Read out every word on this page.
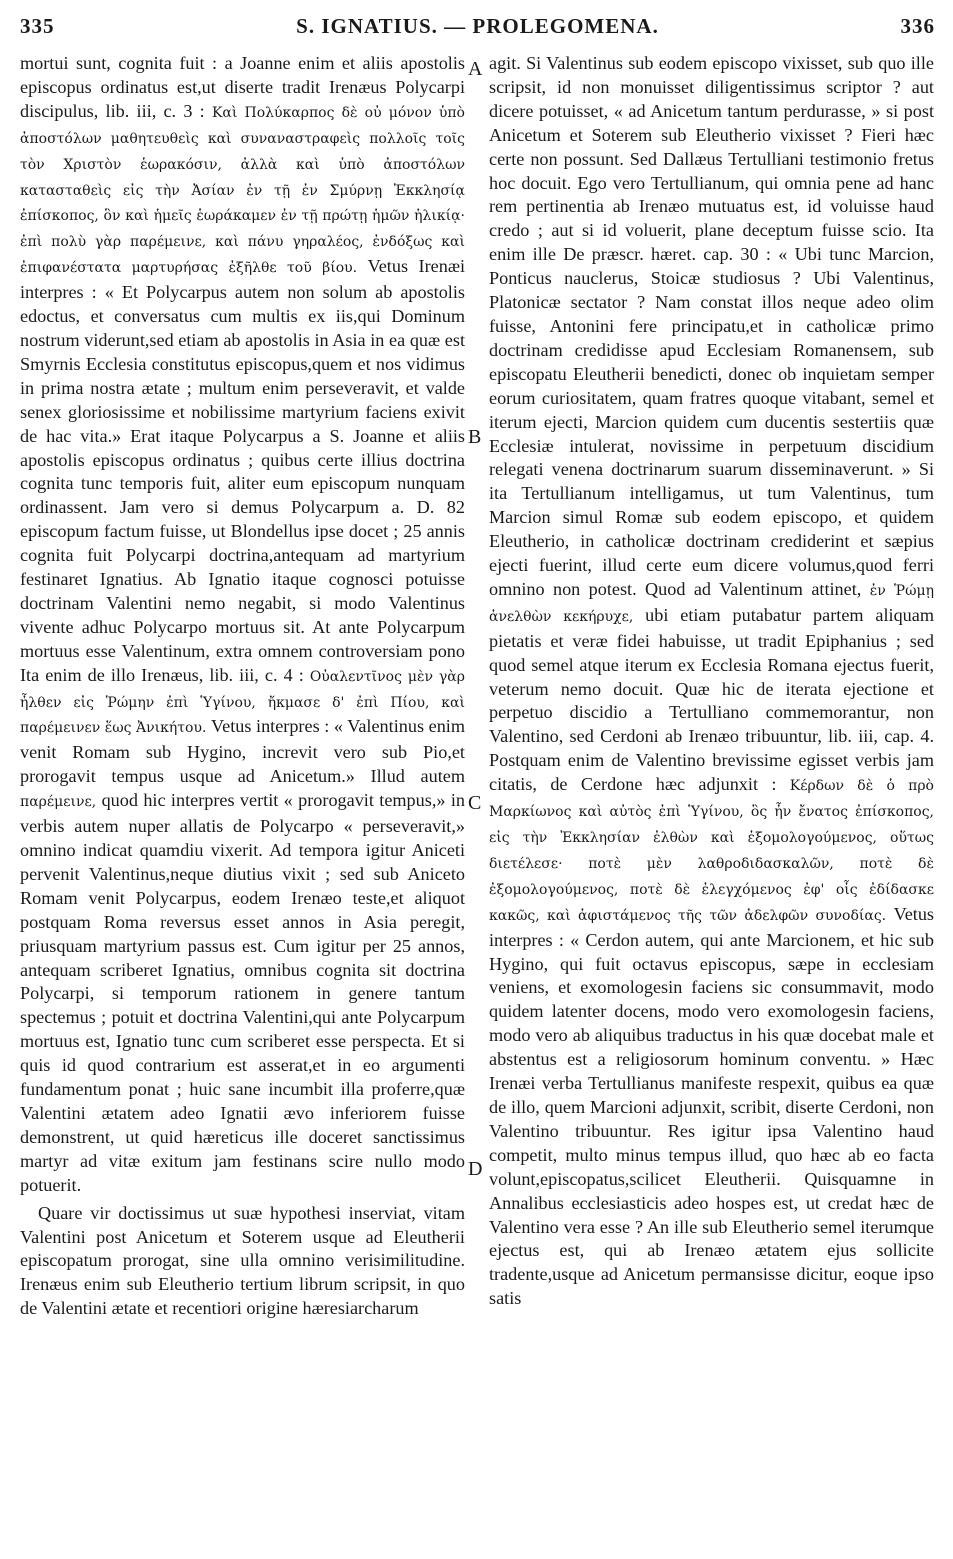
335	S. IGNATIUS. — PROLEGOMENA.	336
A
B
C
D

mortui sunt, cognita fuit : a Joanne enim et aliis apostolis episcopus ordinatus est,ut diserte tradit Irenæus Polycarpi discipulus, lib. iii, c. 3 : Καὶ Πολύκαρπος δὲ οὐ μόνον ὑπὸ ἀποστόλων μαθητευθεὶς καὶ συναναστραφεὶς πολλοῖς τοῖς τὸν Χριστὸν ἑωρακόσιν, ἀλλὰ καὶ ὑπὸ ἀποστόλων κατασταθεὶς εἰς τὴν Ἀσίαν ἐν τῇ ἐν Σμύρνῃ Ἐκκλησίᾳ ἐπίσκοπος, ὃν καὶ ἡμεῖς ἑωράκαμεν ἐν τῇ πρώτῃ ἡμῶν ἡλικίᾳ· ἐπὶ πολὺ γὰρ παρέμεινε, καὶ πάνυ γηραλέος, ἐνδόξως καὶ ἐπιφανέστατα μαρτυρήσας ἐξῆλθε τοῦ βίου. Vetus Irenæi interpres : « Et Polycarpus autem non solum ab apostolis edoctus, et conversatus cum multis ex iis,qui Dominum nostrum viderunt,sed etiam ab apostolis in Asia in ea quæ est Smyrnis Ecclesia constitutus episcopus,quem et nos vidimus in prima nostra ætate ; multum enim perseveravit, et valde senex gloriosissime et nobilissime martyrium faciens exivit de hac vita.» Erat itaque Polycarpus a S. Joanne et aliis apostolis episcopus ordinatus ; quibus certe illius doctrina cognita tunc temporis fuit, aliter eum episcopum nunquam ordinassent. Jam vero si demus Polycarpum a. D. 82 episcopum factum fuisse, ut Blondellus ipse docet ; 25 annis cognita fuit Polycarpi doctrina,antequam ad martyrium festinaret Ignatius. Ab Ignatio itaque cognosci potuisse doctrinam Valentini nemo negabit, si modo Valentinus vivente adhuc Polycarpo mortuus sit. At ante Polycarpum mortuus esse Valentinum, extra omnem controversiam pono Ita enim de illo Irenæus, lib. iii, c. 4 : Οὐαλεντῖνος μὲν γὰρ ἦλθεν εἰς Ῥώμην ἐπὶ Ὑγίνου, ἤκμασε δ' ἐπὶ Πίου, καὶ παρέμεινεν ἕως Ἀνικήτου. Vetus interpres : « Valentinus enim venit Romam sub Hygino, increvit vero sub Pio,et prorogavit tempus usque ad Anicetum.» Illud autem παρέμεινε, quod hic interpres vertit « prorogavit tempus,» in verbis autem nuper allatis de Polycarpo « perseveravit,» omnino indicat quamdiu vixerit. Ad tempora igitur Aniceti pervenit Valentinus,neque diutius vixit ; sed sub Aniceto Romam venit Polycarpus, eodem Irenæo teste,et aliquot postquam Roma reversus esset annos in Asia peregit, priusquam martyrium passus est. Cum igitur per 25 annos, antequam scriberet Ignatius, omnibus cognita sit doctrina Polycarpi, si temporum rationem in genere tantum spectemus ; potuit et doctrina Valentini,qui ante Polycarpum mortuus est, Ignatio tunc cum scriberet esse perspecta. Et si quis id quod contrarium est asserat,et in eo argumenti fundamentum ponat ; huic sane incumbit illa proferre,quæ Valentini ætatem adeo Ignatii ævo inferiorem fuisse demonstrent, ut quid hæreticus ille doceret sanctissimus martyr ad vitæ exitum jam festinans scire nullo modo potuerit.

Quare vir doctissimus ut suæ hypothesi inserviat, vitam Valentini post Anicetum et Soterem usque ad Eleutherii episcopatum prorogat, sine ulla omnino verisimilitudine. Irenæus enim sub Eleutherio tertium librum scripsit, in quo de Valentini ætate et recentiori origine hæresiarcharum

agit. Si Valentinus sub eodem episcopo vixisset, sub quo ille scripsit, id non monuisset diligentissimus scriptor ? aut dicere potuisset, « ad Anicetum tantum perdurasse, » si post Anicetum et Soterem sub Eleutherio vixisset ? Fieri hæc certe non possunt. Sed Dallæus Tertulliani testimonio fretus hoc docuit. Ego vero Tertullianum, qui omnia pene ad hanc rem pertinentia ab Irenæo mutuatus est, id voluisse haud credo ; aut si id voluerit, plane deceptum fuisse scio. Ita enim ille De præscr. hæret. cap. 30 : « Ubi tunc Marcion, Ponticus nauclerus, Stoicæ studiosus ? Ubi Valentinus, Platonicæ sectator ? Nam constat illos neque adeo olim fuisse, Antonini fere principatu,et in catholicæ primo doctrinam credidisse apud Ecclesiam Romanensem, sub episcopatu Eleutherii benedicti, donec ob inquietam semper eorum curiositatem, quam fratres quoque vitabant, semel et iterum ejecti, Marcion quidem cum ducentis sestertiis quæ Ecclesiæ intulerat, novissime in perpetuum discidium relegati venena doctrinarum suarum disseminaverunt. » Si ita Tertullianum intelligamus, ut tum Valentinus, tum Marcion simul Romæ sub eodem episcopo, et quidem Eleutherio, in catholicæ doctrinam crediderint et sæpius ejecti fuerint, illud certe eum dicere volumus,quod ferri omnino non potest. Quod ad Valentinum attinet, ἐν Ῥώμῃ ἀνελθὼν κεκήρυχε, ubi etiam putabatur partem aliquam pietatis et veræ fidei habuisse, ut tradit Epiphanius ; sed quod semel atque iterum ex Ecclesia Romana ejectus fuerit, veterum nemo docuit. Quæ hic de iterata ejectione et perpetuo discidio a Tertulliano commemorantur, non Valentino, sed Cerdoni ab Irenæo tribuuntur, lib. iii, cap. 4. Postquam enim de Valentino brevissime egisset verbis jam citatis, de Cerdone hæc adjunxit : Κέρδων δὲ ὁ πρὸ Μαρκίωνος καὶ αὐτὸς ἐπὶ Ὑγίνου, ὃς ἦν ἔνατος ἐπίσκοπος, εἰς τὴν Ἐκκλησίαν ἐλθὼν καὶ ἐξομολογούμενος, οὕτως διετέλεσε· ποτὲ μὲν λαθροδιδασκαλῶν, ποτὲ δὲ ἐξομολογούμενος, ποτὲ δὲ ἐλεγχόμενος ἐφ' οἷς ἐδίδασκε κακῶς, καὶ ἀφιστάμενος τῆς τῶν ἀδελφῶν συνοδίας. Vetus interpres : « Cerdon autem, qui ante Marcionem, et hic sub Hygino, qui fuit octavus episcopus, sæpe in ecclesiam veniens, et exomologesin faciens sic consummavit, modo quidem latenter docens, modo vero exomologesin faciens, modo vero ab aliquibus traductus in his quæ docebat male et abstentus est a religiosorum hominum conventu. » Hæc Irenæi verba Tertullianus manifeste respexit, quibus ea quæ de illo, quem Marcioni adjunxit, scribit, diserte Cerdoni, non Valentino tribuuntur. Res igitur ipsa Valentino haud competit, multo minus tempus illud, quo hæc ab eo facta volunt,episcopatus,scilicet Eleutherii. Quisquamne in Annalibus ecclesiasticis adeo hospes est, ut credat hæc de Valentino vera esse ? An ille sub Eleutherio semel iterumque ejectus est, qui ab Irenæo ætatem ejus sollicite tradente,usque ad Anicetum permansisse dicitur, eoque ipso satis
